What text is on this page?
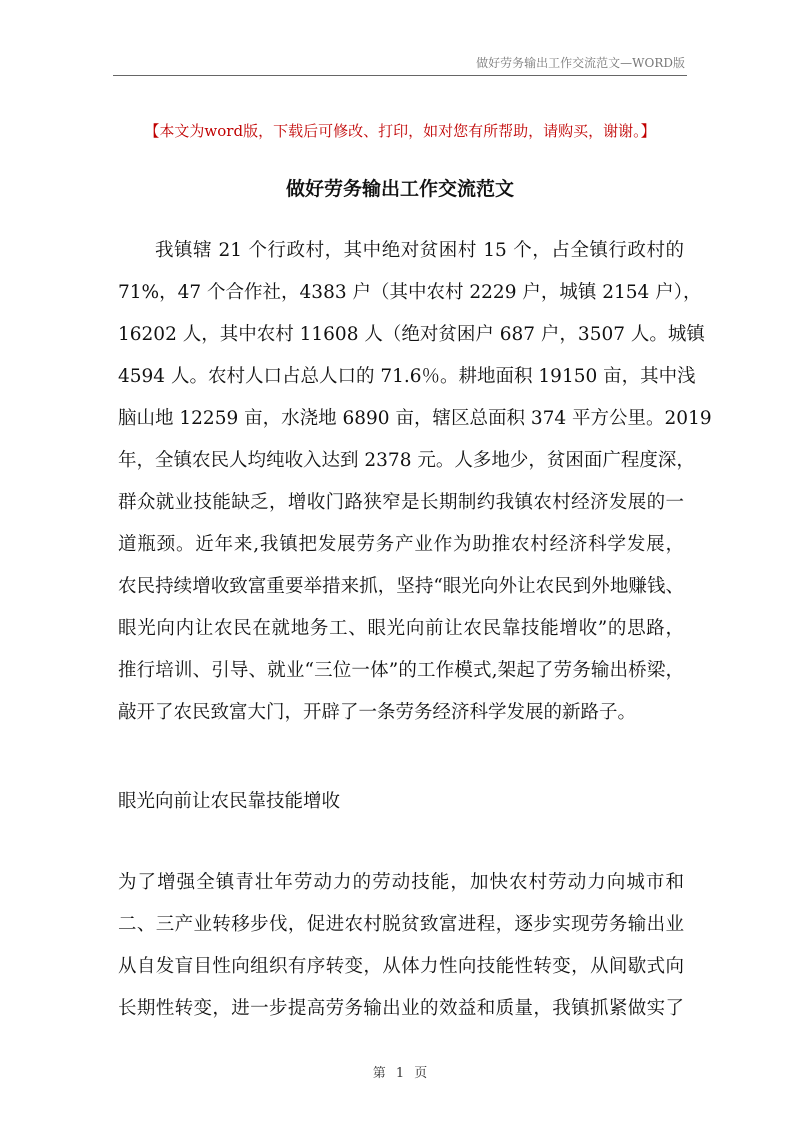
做好劳务输出工作交流范文—WORD版
【本文为word版，下载后可修改、打印，如对您有所帮助，请购买，谢谢。】
做好劳务输出工作交流范文
我镇辖 21 个行政村，其中绝对贫困村 15 个，占全镇行政村的
71%，47 个合作社，4383 户（其中农村 2229 户，城镇 2154 户），
16202 人，其中农村 11608 人（绝对贫困户 687 户，3507 人。城镇
4594 人。农村人口占总人口的 71.6％。耕地面积 19150 亩，其中浅
脑山地 12259 亩，水浇地 6890 亩，辖区总面积 374 平方公里。2019
年，全镇农民人均纯收入达到 2378 元。人多地少，贫困面广程度深，
群众就业技能缺乏，增收门路狭窄是长期制约我镇农村经济发展的一
道瓶颈。近年来,我镇把发展劳务产业作为助推农村经济科学发展，
农民持续增收致富重要举措来抓，坚持“眼光向外让农民到外地赚钱、
眼光向内让农民在就地务工、眼光向前让农民靠技能增收”的思路，
推行培训、引导、就业“三位一体”的工作模式,架起了劳务输出桥梁，
敲开了农民致富大门，开辟了一条劳务经济科学发展的新路子。
眼光向前让农民靠技能增收
为了增强全镇青壮年劳动力的劳动技能，加快农村劳动力向城市和
二、三产业转移步伐，促进农村脱贫致富进程，逐步实现劳务输出业
从自发盲目性向组织有序转变，从体力性向技能性转变，从间歇式向
长期性转变，进一步提高劳务输出业的效益和质量，我镇抓紧做实了
第 1 页
